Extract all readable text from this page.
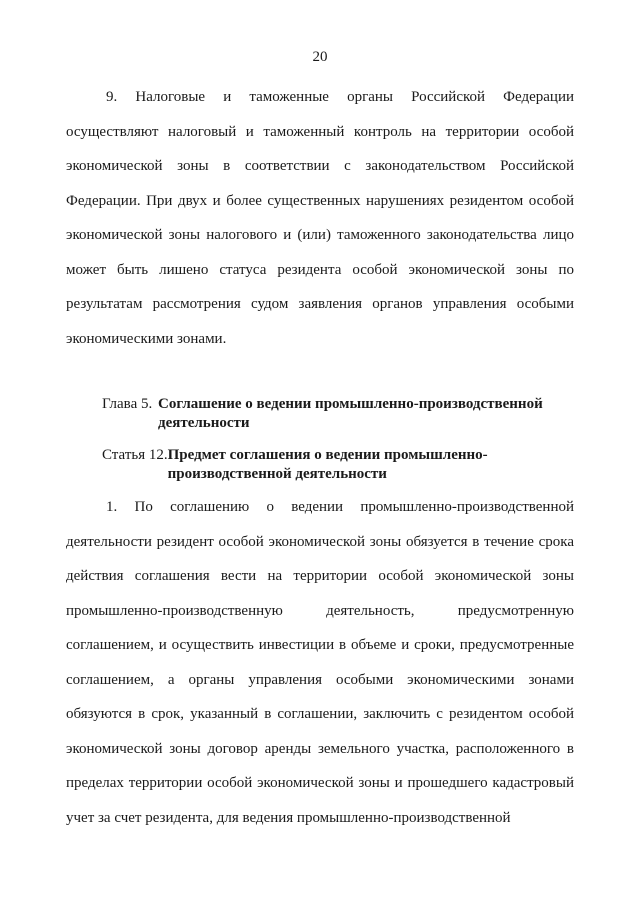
20

9. Налоговые и таможенные органы Российской Федерации осуществляют налоговый и таможенный контроль на территории особой экономической зоны в соответствии с законодательством Российской Федерации. При двух и более существенных нарушениях резидентом особой экономической зоны налогового и (или) таможенного законодательства лицо может быть лишено статуса резидента особой экономической зоны по результатам рассмотрения судом заявления органов управления особыми экономическими зонами.

Глава 5. Соглашение о ведении промышленно-производственной деятельности
Статья 12. Предмет соглашения о ведении промышленно-производственной деятельности

1. По соглашению о ведении промышленно-производственной деятельности резидент особой экономической зоны обязуется в течение срока действия соглашения вести на территории особой экономической зоны промышленно-производственную деятельность, предусмотренную соглашением, и осуществить инвестиции в объеме и сроки, предусмотренные соглашением, а органы управления особыми экономическими зонами обязуются в срок, указанный в соглашении, заключить с резидентом особой экономической зоны договор аренды земельного участка, расположенного в пределах территории особой экономической зоны и прошедшего кадастровый учет за счет резидента, для ведения промышленно-производственной
